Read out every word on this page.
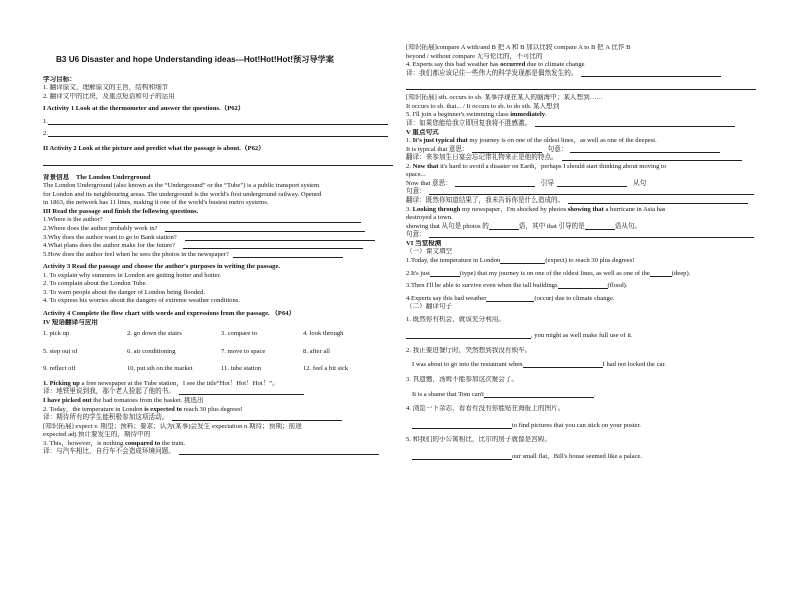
B3 U6 Disaster and hope Understanding ideas---Hot!Hot!Hot!预习导学案

学习目标：

1. 翻译原文，理解原文的主旨，结构和细节

2. 翻译文中的比块，及重点短语和句子的运用

I Activity 1 Look at the thermometer and answer the questions.（P62）

1.
2.

II Activity 2 Look at the picture and predict what the passage is about.（P62）

背景信息 The London Underground

The London Underground (also known as the “Underground” or the “Tube”) is a public transport system

for London and its neighbouring areas. The underground is the world's first underground railway. Opened

in 1863, the network has 11 lines, making it one of the world's busiest metro systems.

III Read the passage and finish the following questions.

1.Where is the author?
2.Where does the author probably work in?
3.Why does the author want to go to Bank station?
4.What plans does the author make for the future?
5.How does the author feel when he sees the photos in the newspaper?

Activity 3 Read the passage and choose the author's purposes in writing the passage.

1. To explain why summers in London are getting hotter and hotter.

2. To complain about the London Tube.

3. To warn people about the danger of London being flooded.

4. To express his worries about the dangers of extreme weather conditions.

Activity 4 Complete the flow chart with words and expressions from the passage. （P64）

IV 短语翻译与应用

1. pick up	2. go down the stairs	3. compare to	4. look through
5. step out of	6. air conditioning	7. move to space	8. after all
9. reflect off	10. put sth on the market	11. tube station	12. feel a bit sick

1. Picking up a free newspaper at the Tube station，I see the title“Hot！Hot！Hot！”。

译：地铁里说到我，那个老人捡起了他的书。

I have picked out the bad tomatoes from the basket. 挑选出

2. Today，the temperature in London is expected to reach 30 plus degrees!

译：期待所有的学生能积极参加这项活动。

[知识拓展] expect v. 期望；预料；要求；认为(某事)会发生 expectation n.期待；预期；前途

expected adj.预计要发生的，期待中的

3. This，however，is nothing compared to the train.

译：与汽车相比，自行车不会造成环境问题。

[知识拓展]compare A with/and B 把 A 和 B 加以比较 compare A to B 把 A 比作 B

beyond / without compare 无与伦比的，不可比的

4. Experts say this bad weather has occurred due to climate change

译：我们都应该记住一些伟大的科学发现都是偶然发生的。

[知识拓展] sth. occurs to sb. 某事浮现在某人的脑海中；某人想到……

It occurs to sb. that... / It occurs to sb. to do sth. 某人想到

5. I'll join a beginner's swimming class immediately.

译：如果您能给我立即回复我将不胜感激。

V 重点句式

1. It's just typical that my journey is on one of the oldest lines，as well as one of the deepest.

It is typical that 意思：	句意：
翻译：来参加生日宴会忘记带礼物来正是他的特点。

2. Now that it's hard to avoid a disaster on Earth，perhaps I should start thinking about moving to

space...

Now that 意思：	引导	从句
句意：
翻译：既然你知道结果了，我未告诉你是什么造成的。

3. Looking through my newspaper，I'm shocked by photos showing that a hurricane in Asia has

destroyed a town.

showing that 从句是 photos 的	语，其中 that 引导的是	语从句。
句意：

VI 当堂检测

（一）课文填空

1.Today, the temperature in London	(expect) to reach 30 plus degrees!
2.It's just	(type) that my journey is on one of the oldest lines, as well as one of the	(deep).
3.Then I'll be able to survive even when the tall buildings	(flood).
4.Experts say this bad weather	(occur) due to climate change.

（二）翻译句子

1. 既然你有机会，就该充分利用。

, you might as well make full use of it.

2. 我正要进餐厅时，突然想到我没有锁车。

I was about to go into the restaurant when	I had not locked the car.

3. 真遗憾，汤姆不能参加这次聚会了。

It is a shame that Tom can't	.

4. 浏览一下杂志，看看有没有你能贴在海报上的图片。

to find pictures that you can stick on your poster.

5. 和我们的小公寓相比，比尔的房子就像是宫殿。

our small flat，Bill's house seemed like a palace.
